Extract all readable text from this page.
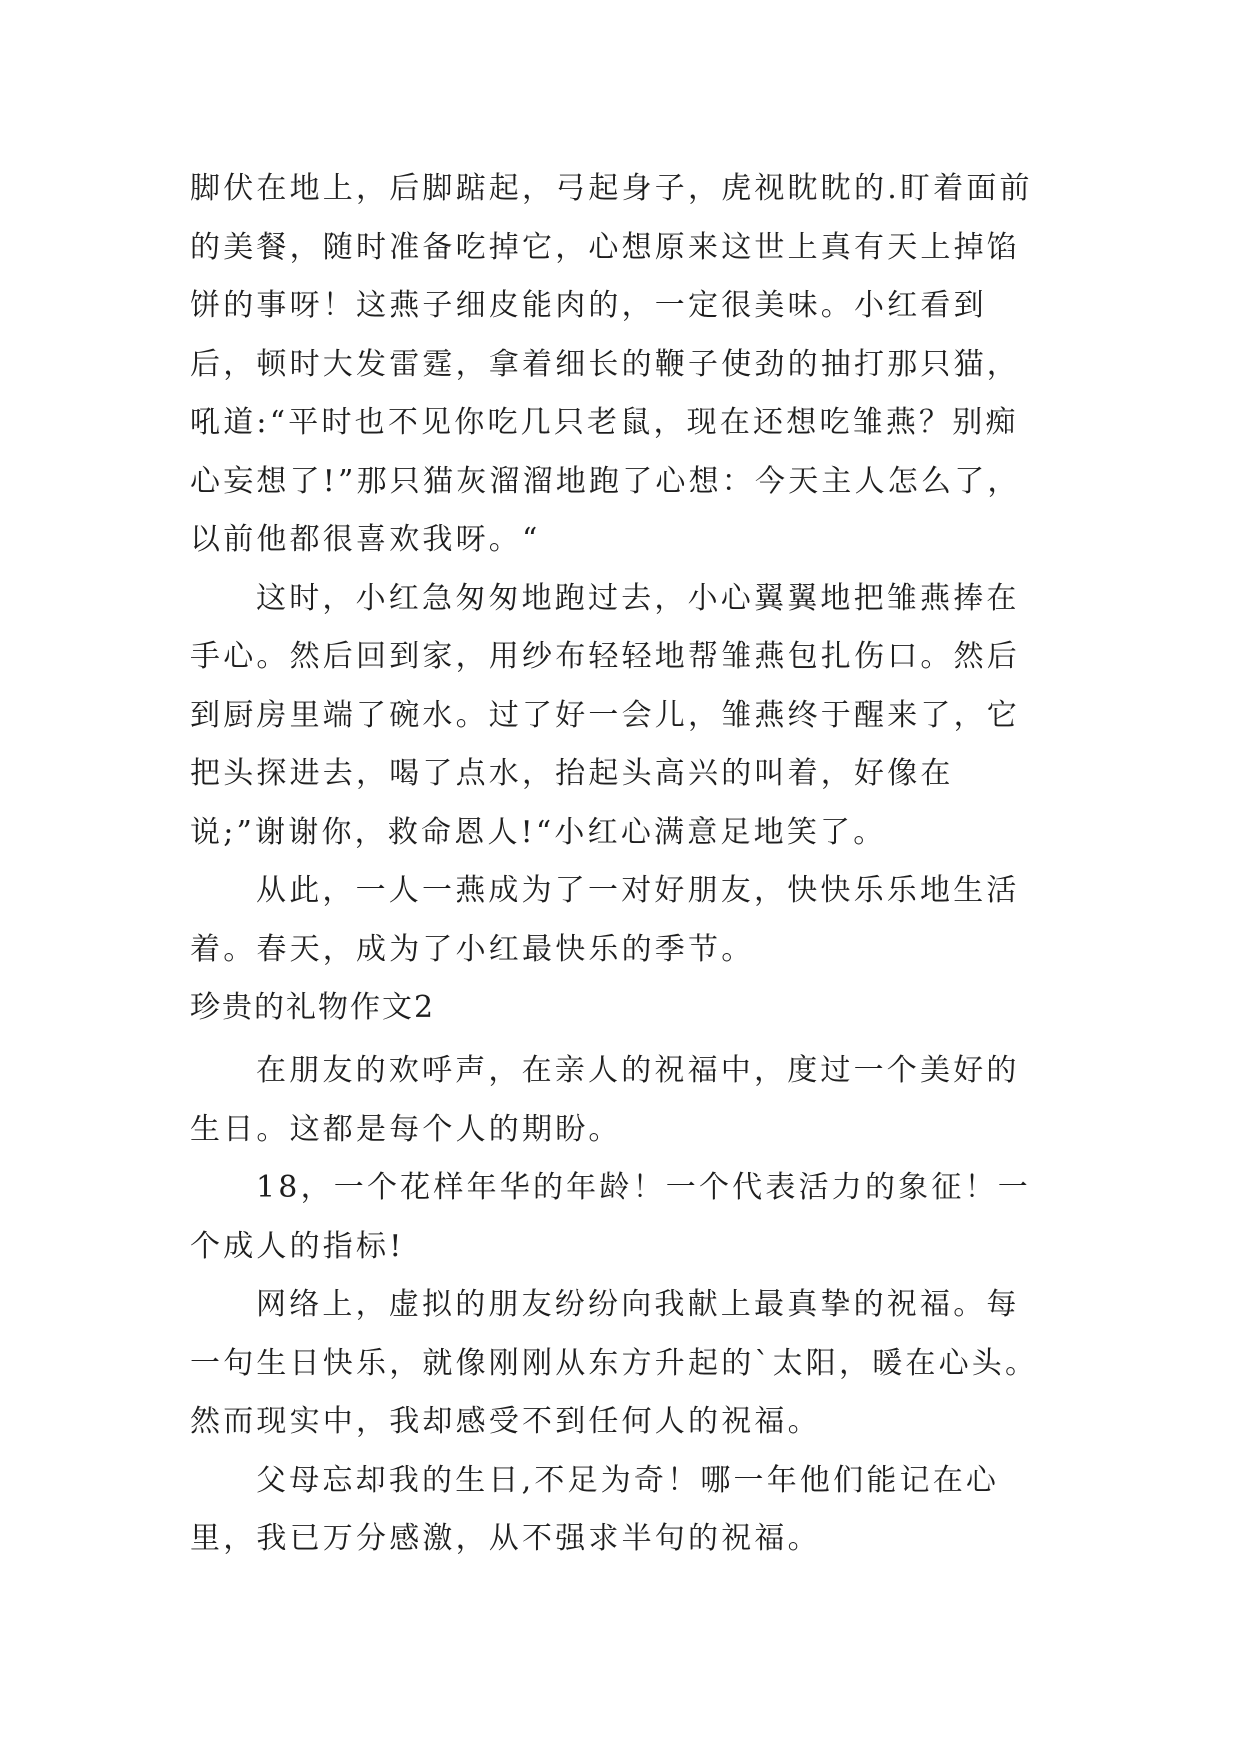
脚伏在地上，后脚踮起，弓起身子，虎视眈眈的.盯着面前的美餐，随时准备吃掉它，心想原来这世上真有天上掉馅饼的事呀！这燕子细皮能肉的，一定很美味。小红看到后，顿时大发雷霆，拿着细长的鞭子使劲的抽打那只猫，吼道:“平时也不见你吃几只老鼠，现在还想吃雏燕？别痴心妄想了!”那只猫灰溜溜地跑了心想：今天主人怎么了，以前他都很喜欢我呀。“

这时，小红急匆匆地跑过去，小心翼翼地把雏燕捧在手心。然后回到家，用纱布轻轻地帮雏燕包扎伤口。然后到厨房里端了碗水。过了好一会儿，雏燕终于醒来了，它把头探进去，喝了点水，抬起头高兴的叫着，好像在说;”谢谢你，救命恩人!“小红心满意足地笑了。

从此，一人一燕成为了一对好朋友，快快乐乐地生活着。春天，成为了小红最快乐的季节。

珍贵的礼物作文2

在朋友的欢呼声，在亲人的祝福中，度过一个美好的生日。这都是每个人的期盼。

18，一个花样年华的年龄！一个代表活力的象征！一个成人的指标!

网络上，虚拟的朋友纷纷向我献上最真挚的祝福。每一句生日快乐，就像刚刚从东方升起的`太阳，暖在心头。然而现实中，我却感受不到任何人的祝福。

父母忘却我的生日,不足为奇！哪一年他们能记在心里，我已万分感激，从不强求半句的祝福。
